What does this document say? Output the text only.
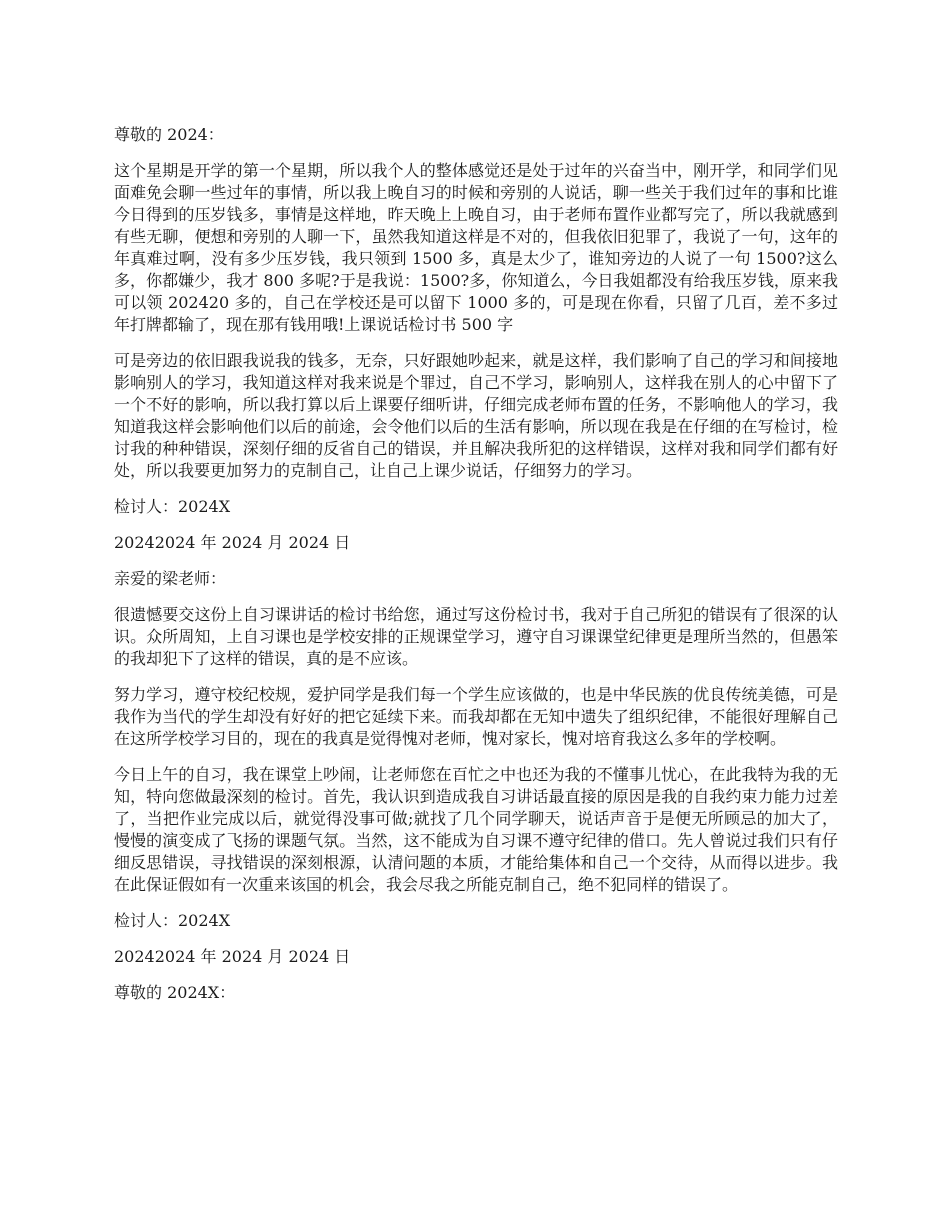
尊敬的 2024：

这个星期是开学的第一个星期，所以我个人的整体感觉还是处于过年的兴奋当中，刚开学，和同学们见面难免会聊一些过年的事情，所以我上晚自习的时候和旁别的人说话，聊一些关于我们过年的事和比谁今日得到的压岁钱多，事情是这样地，昨天晚上上晚自习，由于老师布置作业都写完了，所以我就感到有些无聊，便想和旁别的人聊一下，虽然我知道这样是不对的，但我依旧犯罪了，我说了一句，这年的年真难过啊，没有多少压岁钱，我只领到 1500 多，真是太少了，谁知旁边的人说了一句 1500?这么多，你都嫌少，我才 800 多呢?于是我说：1500?多，你知道么，今日我姐都没有给我压岁钱，原来我可以领 202420 多的，自己在学校还是可以留下 1000 多的，可是现在你看，只留了几百，差不多过年打牌都输了，现在那有钱用哦!上课说话检讨书 500 字

可是旁边的依旧跟我说我的钱多，无奈，只好跟她吵起来，就是这样，我们影响了自己的学习和间接地影响别人的学习，我知道这样对我来说是个罪过，自己不学习，影响别人，这样我在别人的心中留下了一个不好的影响，所以我打算以后上课要仔细听讲，仔细完成老师布置的任务，不影响他人的学习，我知道我这样会影响他们以后的前途，会令他们以后的生活有影响，所以现在我是在仔细的在写检讨，检讨我的种种错误，深刻仔细的反省自己的错误，并且解决我所犯的这样错误，这样对我和同学们都有好处，所以我要更加努力的克制自己，让自己上课少说话，仔细努力的学习。

检讨人：2024X

20242024 年 2024 月 2024 日

亲爱的梁老师：

很遗憾要交这份上自习课讲话的检讨书给您，通过写这份检讨书，我对于自己所犯的错误有了很深的认识。众所周知，上自习课也是学校安排的正规课堂学习，遵守自习课课堂纪律更是理所当然的，但愚笨的我却犯下了这样的错误，真的是不应该。

努力学习，遵守校纪校规，爱护同学是我们每一个学生应该做的，也是中华民族的优良传统美德，可是我作为当代的学生却没有好好的把它延续下来。而我却都在无知中遗失了组织纪律，不能很好理解自己在这所学校学习目的，现在的我真是觉得愧对老师，愧对家长，愧对培育我这么多年的学校啊。

今日上午的自习，我在课堂上吵闹，让老师您在百忙之中也还为我的不懂事儿忧心，在此我特为我的无知，特向您做最深刻的检讨。首先，我认识到造成我自习讲话最直接的原因是我的自我约束力能力过差了，当把作业完成以后，就觉得没事可做;就找了几个同学聊天，说话声音于是便无所顾忌的加大了，慢慢的演变成了飞扬的课题气氛。当然，这不能成为自习课不遵守纪律的借口。先人曾说过我们只有仔细反思错误，寻找错误的深刻根源，认清问题的本质，才能给集体和自己一个交待，从而得以进步。我在此保证假如有一次重来该国的机会，我会尽我之所能克制自己，绝不犯同样的错误了。

检讨人：2024X

20242024 年 2024 月 2024 日

尊敬的 2024X：
